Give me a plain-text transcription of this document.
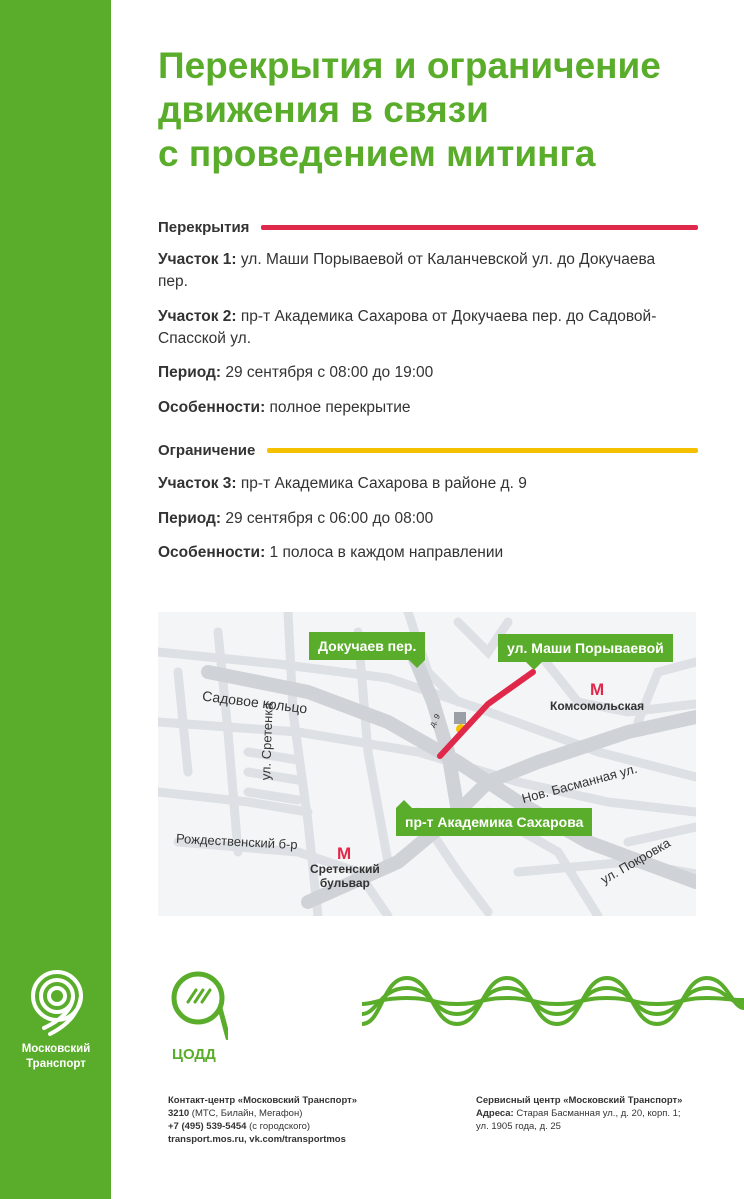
Перекрытия и ограничение
движения в связи
с проведением митинга
Перекрытия
Участок 1: ул. Маши Порываевой от Каланчевской ул. до Докучаева пер.
Участок 2: пр-т Академика Сахарова от Докучаева пер. до Садовой-Спасской ул.
Период: 29 сентября с 08:00 до 19:00
Особенности: полное перекрытие
Ограничение
Участок 3: пр-т Академика Сахарова в районе д. 9
Период: 29 сентября с 06:00 до 08:00
Особенности: 1 полоса в каждом направлении
Докучаев пер.	ул. Маши Порываевой
пр-т Академика Сахарова
Садовое кольцо
ул. Сретенка
Рождественский б-р
Нов. Басманная ул.
ул. Покровка
д. 9
М
Комсомольская
М
Сретенский
бульвар
Московский
Транспорт
ЦОДД
Контакт-центр «Московский Транспорт»
3210 (МТС, Билайн, Мегафон)
+7 (495) 539-5454 (с городского)
transport.mos.ru, vk.com/transportmos
Сервисный центр «Московский Транспорт»
Адреса: Старая Басманная ул., д. 20, корп. 1;
ул. 1905 года, д. 25
